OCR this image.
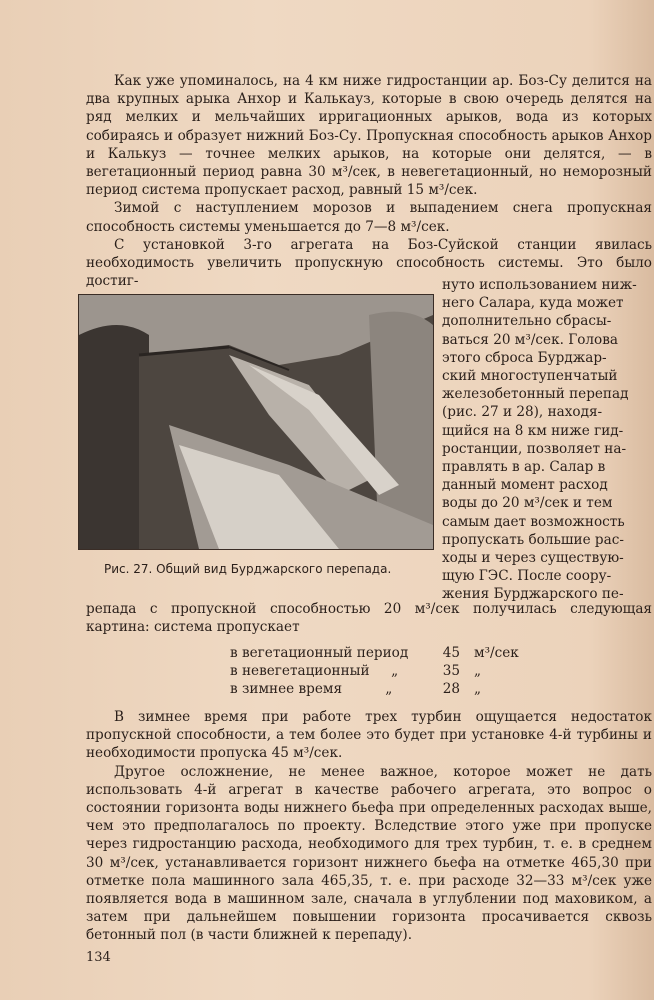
Как уже упоминалось, на 4 км ниже гидростанции ар. Боз-Су делится на два крупных арыка Анхор и Калькауз, которые в свою очередь делятся на ряд мелких и мельчайших ирригационных арыков, вода из которых собираясь и образует нижний Боз-Су. Пропускная способность арыков Анхор и Калькуз — точнее мелких арыков, на которые они делятся, — в вегетационный период равна 30 м³/сек, в невегетационный, но неморозный период система пропускает расход, равный 15 м³/сек.

Зимой с наступлением морозов и выпадением снега пропускная способность системы уменьшается до 7—8 м³/сек.

С установкой 3-го агрегата на Боз-Суйской станции явилась необходимость увеличить пропускную способность системы. Это было достиг-

Рис. 27. Общий вид Бурджарского перепада.
нуто использованием ниж-
него Салара, куда может
дополнительно сбрасы-
ваться 20 м³/сек. Голова
этого сброса Бурджар-
ский многоступенчатый
железобетонный перепад
(рис. 27 и 28), находя-
щийся на 8 км ниже гид-
ростанции, позволяет на-
правлять в ар. Салар в
данный момент расход
воды до 20 м³/сек и тем
самым дает возможность
пропускать большие рас-
ходы и через существую-
щую ГЭС. После соору-
жения Бурджарского пе-
репада с пропускной способностью 20 м³/сек получилась следующая картина: система пропускает
в вегетационный период	45	м³/сек
в невегетационный „	35	„
в зимнее время	„	28	„

В зимнее время при работе трех турбин ощущается недостаток пропускной способности, а тем более это будет при установке 4-й турбины и необходимости пропуска 45 м³/сек.

Другое осложнение, не менее важное, которое может не дать использовать 4-й агрегат в качестве рабочего агрегата, это вопрос о состоянии горизонта воды нижнего бьефа при определенных расходах выше, чем это предполагалось по проекту. Вследствие этого уже при пропуске через гидростанцию расхода, необходимого для трех турбин, т. е. в среднем 30 м³/сек, устанавливается горизонт нижнего бьефа на отметке 465,30 при отметке пола машинного зала 465,35, т. е. при расходе 32—33 м³/сек уже появляется вода в машинном зале, сначала в углублении под маховиком, а затем при дальнейшем повышении горизонта просачивается сквозь бетонный пол (в части ближней к перепаду).

134
